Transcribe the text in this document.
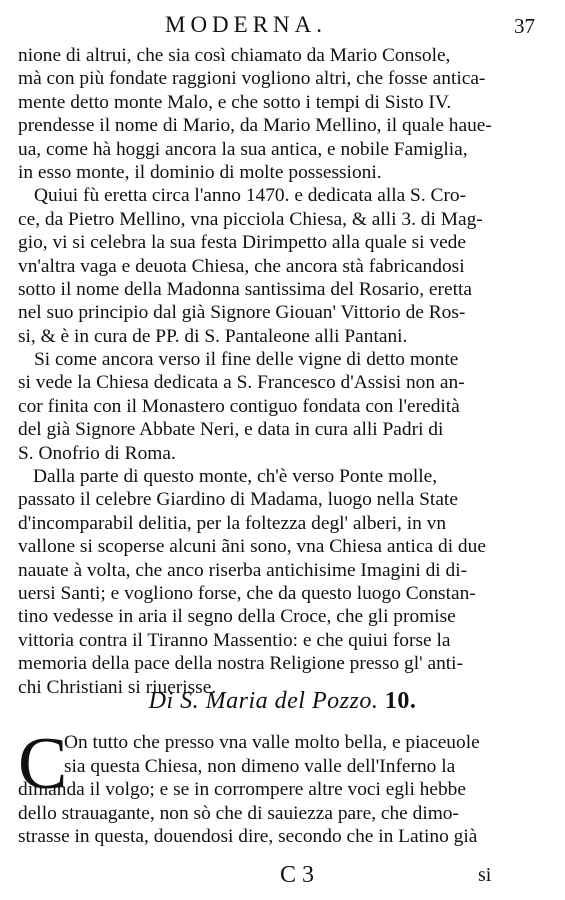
MODERNA.	37
nione di altrui, che sia così chiamato da Mario Console,
mà con più fondate raggioni vogliono altri, che fosse antica-
mente detto monte Malo, e che sotto i tempi di Sisto IV.
prendesse il nome di Mario, da Mario Mellino, il quale haue-
ua, come hà hoggi ancora la sua antica, e nobile Famiglia,
in esso monte, il dominio di molte possessioni.
Quiui fù eretta circa l'anno 1470. e dedicata alla S. Cro-
ce, da Pietro Mellino, vna picciola Chiesa, & alli 3. di Mag-
gio, vi si celebra la sua festa Dirimpetto alla quale si vede
vn'altra vaga e deuota Chiesa, che ancora stà fabricandosi
sotto il nome della Madonna santissima del Rosario, eretta
nel suo principio dal già Signore Giouan' Vittorio de Ros-
si, & è in cura de PP. di S. Pantaleone alli Pantani.
Si come ancora verso il fine delle vigne di detto monte
si vede la Chiesa dedicata a S. Francesco d'Assisi non an-
cor finita con il Monastero contiguo fondata con l'eredità
del già Signore Abbate Neri, e data in cura alli Padri di
S. Onofrio di Roma.
Dalla parte di questo monte, ch'è verso Ponte molle,
passato il celebre Giardino di Madama, luogo nella State
d'incomparabil delitia, per la foltezza degl' alberi, in vn
vallone si scoperse alcuni ãni sono, vna Chiesa antica di due
nauate à volta, che anco riserba antichisime Imagini di di-
uersi Santi; e vogliono forse, che da questo luogo Constan-
tino vedesse in aria il segno della Croce, che gli promise
vittoria contra il Tiranno Massentio: e che quiui forse la
memoria della pace della nostra Religione presso gl' anti-
chi Christiani si riuerisse.
Di S. Maria del Pozzo. 10.
C
On tutto che presso vna valle molto bella, e piaceuole
sia questa Chiesa, non dimeno valle dell'Inferno la
dimanda il volgo; e se in corrompere altre voci egli hebbe
dello strauagante, non sò che di sauiezza pare, che dimo-
strasse in questa, douendosi dire, secondo che in Latino già
C 3	si
